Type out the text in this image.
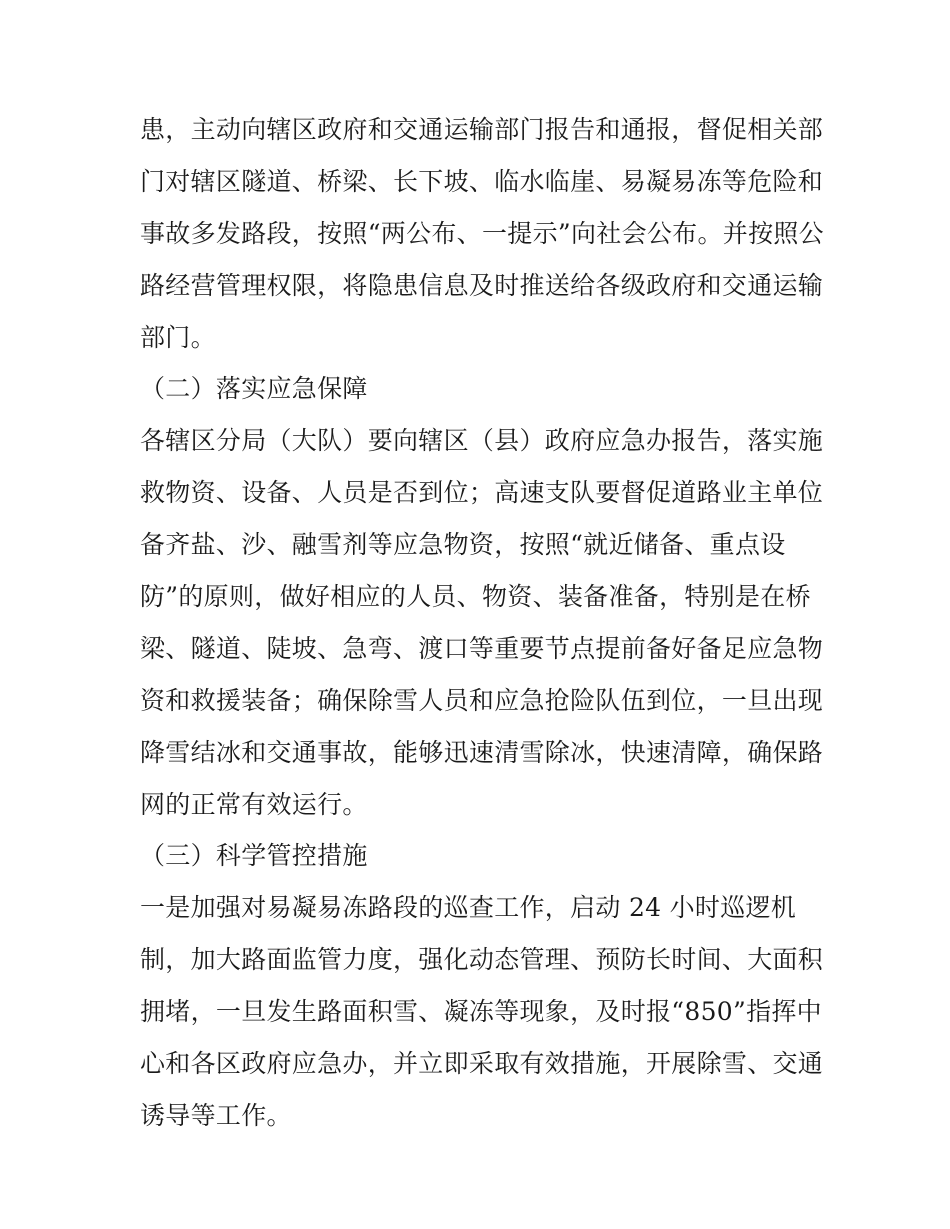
患，主动向辖区政府和交通运输部门报告和通报，督促相关部
门对辖区隧道、桥梁、长下坡、临水临崖、易凝易冻等危险和
事故多发路段，按照“两公布、一提示”向社会公布。并按照公
路经营管理权限，将隐患信息及时推送给各级政府和交通运输
部门。
（二）落实应急保障
各辖区分局（大队）要向辖区（县）政府应急办报告，落实施
救物资、设备、人员是否到位；高速支队要督促道路业主单位
备齐盐、沙、融雪剂等应急物资，按照“就近储备、重点设
防”的原则，做好相应的人员、物资、装备准备，特别是在桥
梁、隧道、陡坡、急弯、渡口等重要节点提前备好备足应急物
资和救援装备；确保除雪人员和应急抢险队伍到位，一旦出现
降雪结冰和交通事故，能够迅速清雪除冰，快速清障，确保路
网的正常有效运行。
（三）科学管控措施
一是加强对易凝易冻路段的巡查工作，启动 24 小时巡逻机
制，加大路面监管力度，强化动态管理、预防长时间、大面积
拥堵，一旦发生路面积雪、凝冻等现象，及时报“850”指挥中
心和各区政府应急办，并立即采取有效措施，开展除雪、交通
诱导等工作。
